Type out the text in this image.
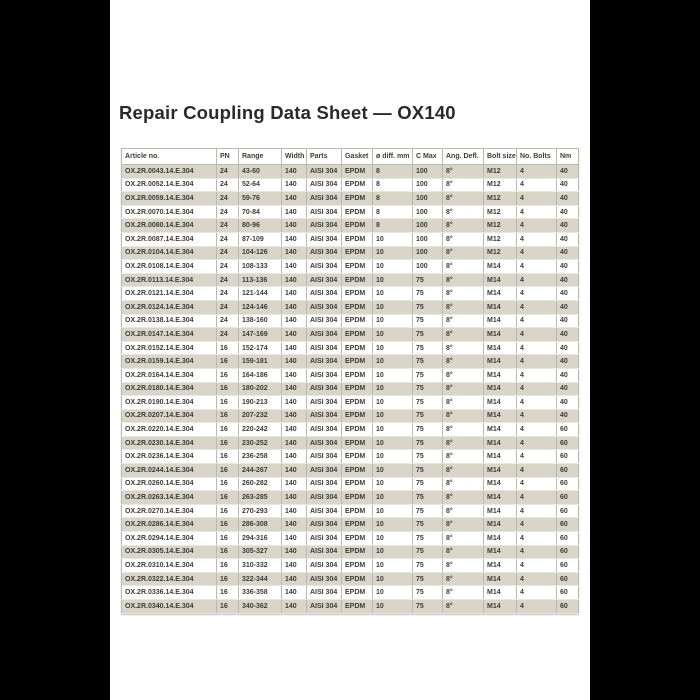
Repair Coupling Data Sheet — OX140
Article no.	PN	Range	Width	Parts	Gasket	ø diff. mm	C Max	Ang. Defl.	Bolt size	No. Bolts	Nm
OX.2R.0043.14.E.304	24	43-60	140	AISI 304	EPDM	8	100	8°	M12	4	40
OX.2R.0052.14.E.304	24	52-64	140	AISI 304	EPDM	8	100	8°	M12	4	40
OX.2R.0059.14.E.304	24	59-76	140	AISI 304	EPDM	8	100	8°	M12	4	40
OX.2R.0070.14.E.304	24	70-84	140	AISI 304	EPDM	8	100	8°	M12	4	40
OX.2R.0080.14.E.304	24	80-96	140	AISI 304	EPDM	8	100	8°	M12	4	40
OX.2R.0087.14.E.304	24	87-109	140	AISI 304	EPDM	10	100	8°	M12	4	40
OX.2R.0104.14.E.304	24	104-126	140	AISI 304	EPDM	10	100	8°	M12	4	40
OX.2R.0108.14.E.304	24	108-133	140	AISI 304	EPDM	10	100	8°	M14	4	40
OX.2R.0113.14.E.304	24	113-136	140	AISI 304	EPDM	10	75	8°	M14	4	40
OX.2R.0121.14.E.304	24	121-144	140	AISI 304	EPDM	10	75	8°	M14	4	40
OX.2R.0124.14.E.304	24	124-146	140	AISI 304	EPDM	10	75	8°	M14	4	40
OX.2R.0138.14.E.304	24	138-160	140	AISI 304	EPDM	10	75	8°	M14	4	40
OX.2R.0147.14.E.304	24	147-169	140	AISI 304	EPDM	10	75	8°	M14	4	40
OX.2R.0152.14.E.304	16	152-174	140	AISI 304	EPDM	10	75	8°	M14	4	40
OX.2R.0159.14.E.304	16	159-181	140	AISI 304	EPDM	10	75	8°	M14	4	40
OX.2R.0164.14.E.304	16	164-186	140	AISI 304	EPDM	10	75	8°	M14	4	40
OX.2R.0180.14.E.304	16	180-202	140	AISI 304	EPDM	10	75	8°	M14	4	40
OX.2R.0190.14.E.304	16	190-213	140	AISI 304	EPDM	10	75	8°	M14	4	40
OX.2R.0207.14.E.304	16	207-232	140	AISI 304	EPDM	10	75	8°	M14	4	40
OX.2R.0220.14.E.304	16	220-242	140	AISI 304	EPDM	10	75	8°	M14	4	60
OX.2R.0230.14.E.304	16	230-252	140	AISI 304	EPDM	10	75	8°	M14	4	60
OX.2R.0236.14.E.304	16	236-258	140	AISI 304	EPDM	10	75	8°	M14	4	60
OX.2R.0244.14.E.304	16	244-267	140	AISI 304	EPDM	10	75	8°	M14	4	60
OX.2R.0260.14.E.304	16	260-282	140	AISI 304	EPDM	10	75	8°	M14	4	60
OX.2R.0263.14.E.304	16	263-285	140	AISI 304	EPDM	10	75	8°	M14	4	60
OX.2R.0270.14.E.304	16	270-293	140	AISI 304	EPDM	10	75	8°	M14	4	60
OX.2R.0286.14.E.304	16	286-308	140	AISI 304	EPDM	10	75	8°	M14	4	60
OX.2R.0294.14.E.304	16	294-316	140	AISI 304	EPDM	10	75	8°	M14	4	60
OX.2R.0305.14.E.304	16	305-327	140	AISI 304	EPDM	10	75	8°	M14	4	60
OX.2R.0310.14.E.304	16	310-332	140	AISI 304	EPDM	10	75	8°	M14	4	60
OX.2R.0322.14.E.304	16	322-344	140	AISI 304	EPDM	10	75	8°	M14	4	60
OX.2R.0336.14.E.304	16	336-358	140	AISI 304	EPDM	10	75	8°	M14	4	60
OX.2R.0340.14.E.304	16	340-362	140	AISI 304	EPDM	10	75	8°	M14	4	60
